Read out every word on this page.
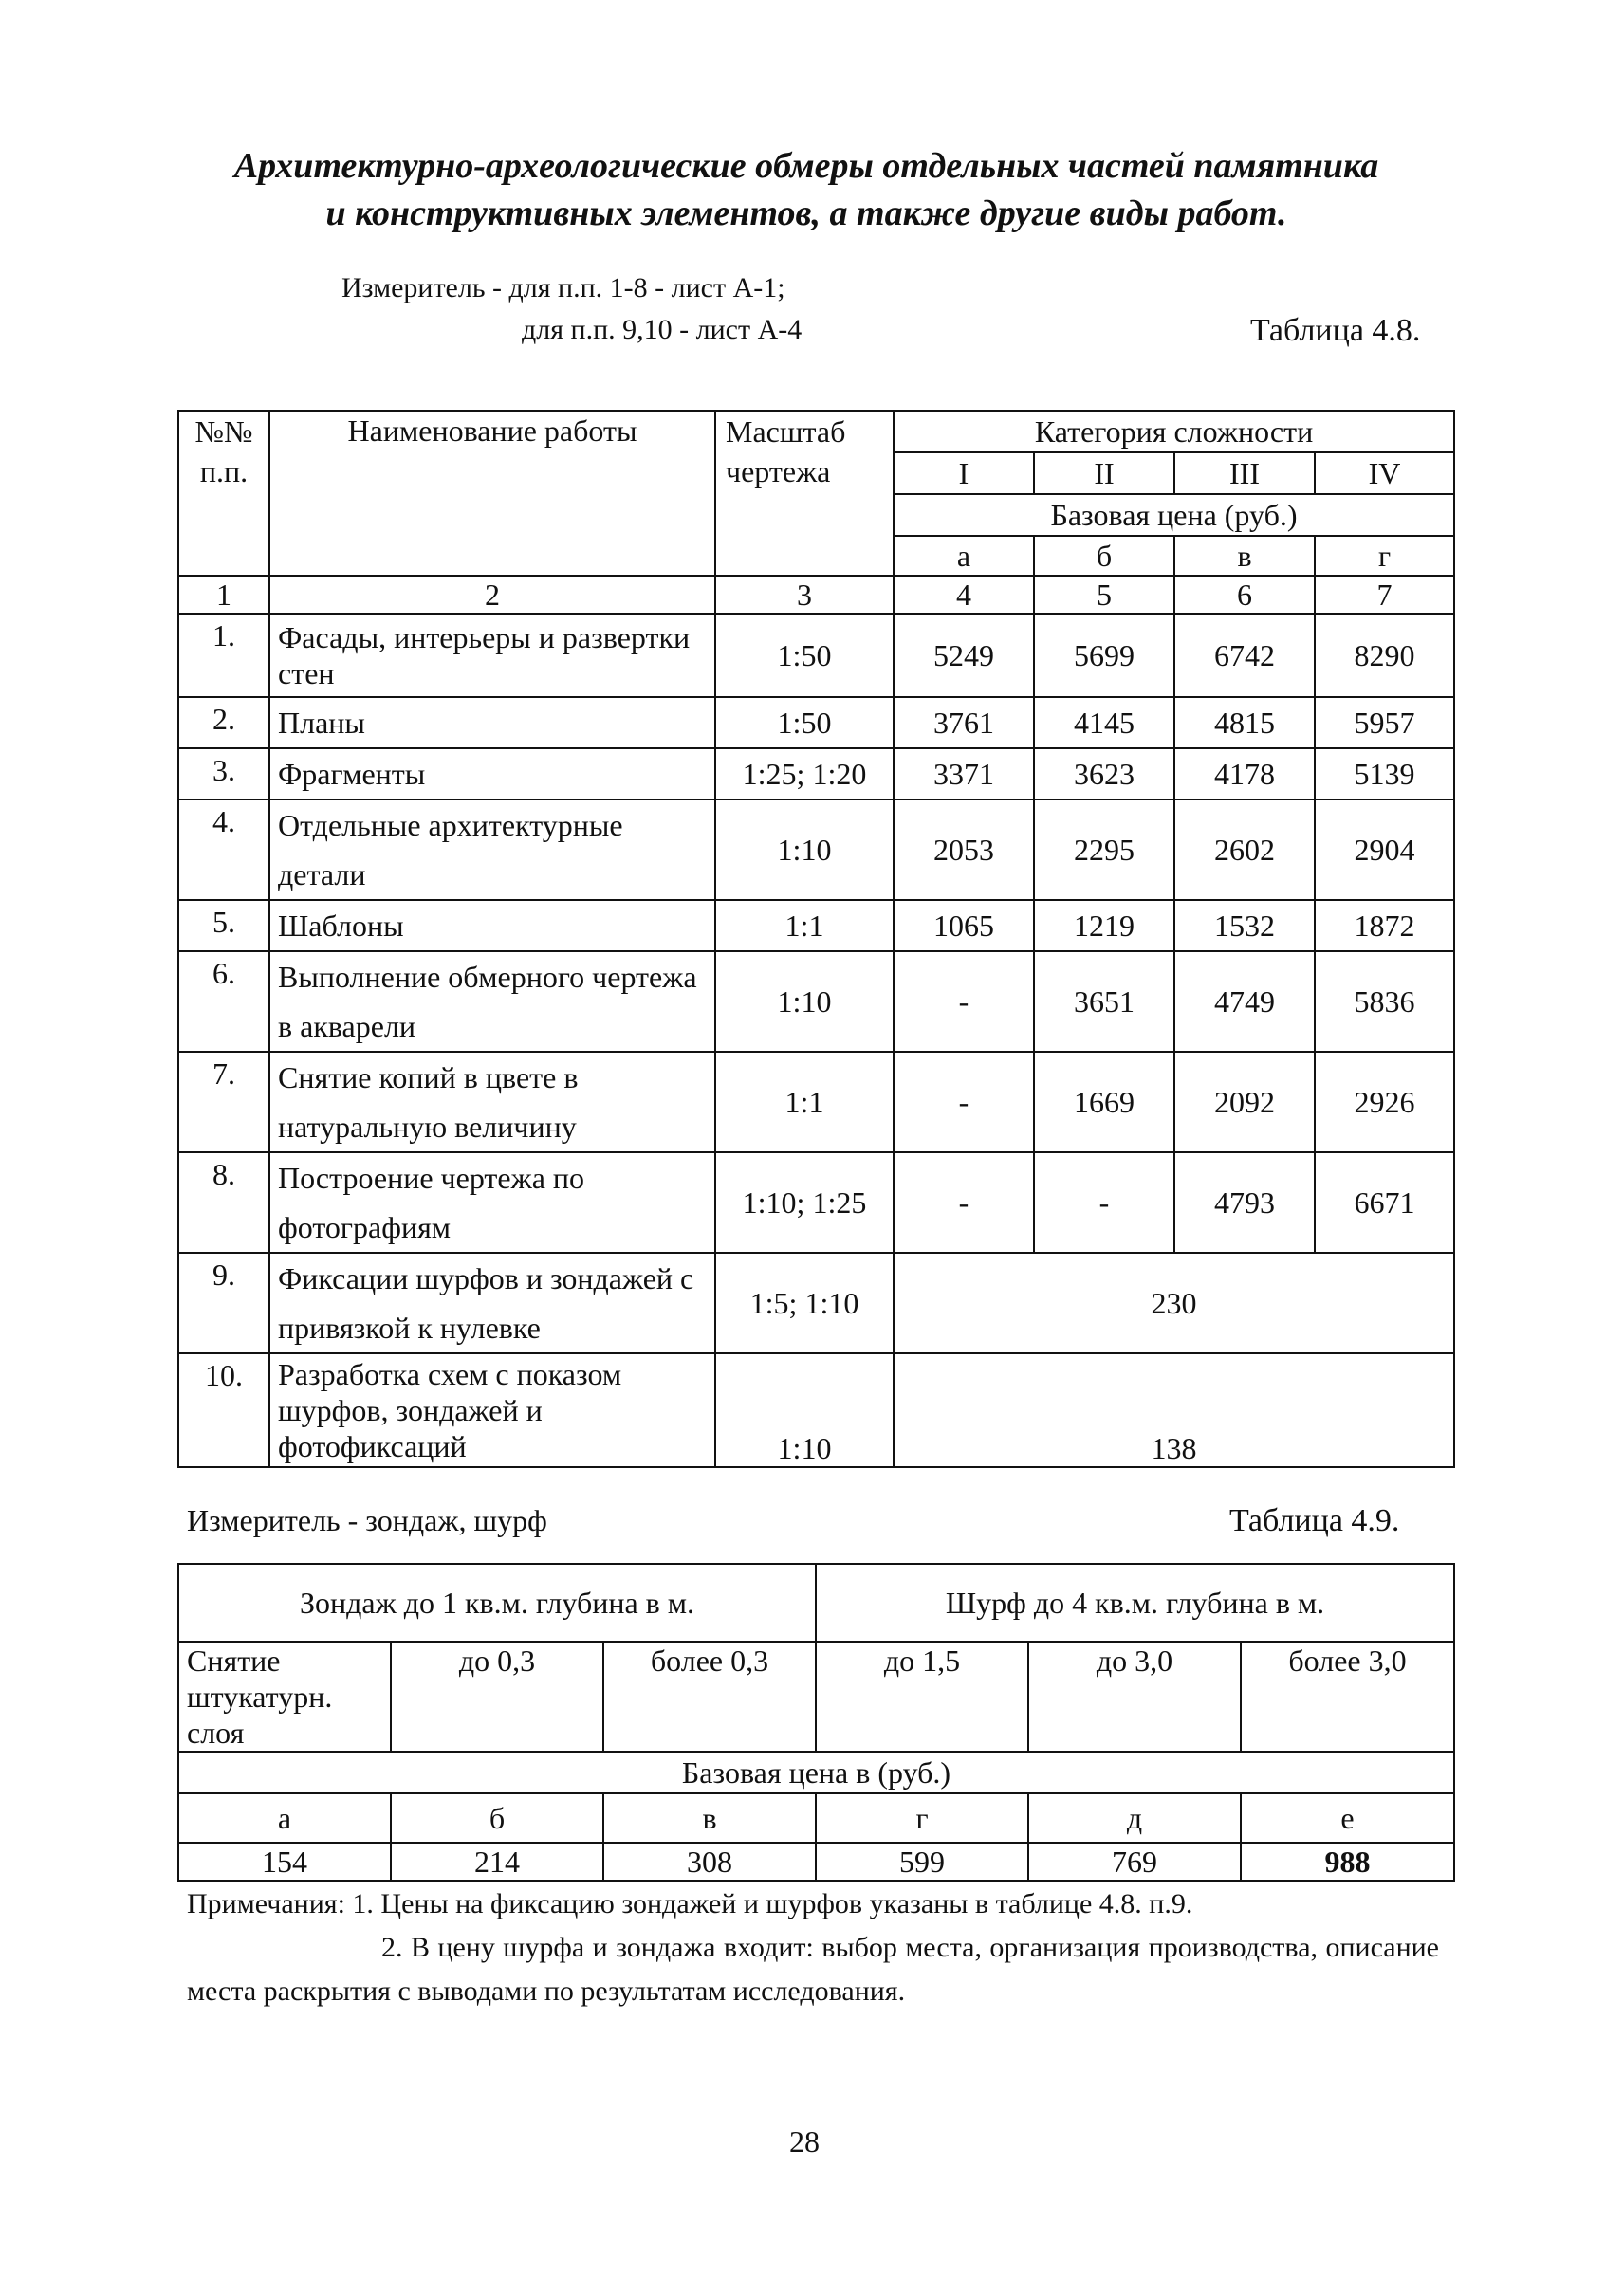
Архитектурно-археологические обмеры отдельных частей памятника
и конструктивных элементов, а также другие виды работ.
Измеритель - для п.п. 1-8 - лист А-1;
для п.п. 9,10 - лист А-4	Таблица 4.8.
№№ п.п.	Наименование работы	Масштаб чертежа	Категория сложности			
			I	II	III	IV
			Базовая цена (руб.)			
			а	б	в	г
1	2	3	4	5	6	7
1.	Фасады, интерьеры и развертки стен	1:50	5249	5699	6742	8290
2.	Планы	1:50	3761	4145	4815	5957
3.	Фрагменты	1:25; 1:20	3371	3623	4178	5139
4.	Отдельные архитектурные детали	1:10	2053	2295	2602	2904
5.	Шаблоны	1:1	1065	1219	1532	1872
6.	Выполнение обмерного чертежа в акварели	1:10	-	3651	4749	5836
7.	Снятие копий в цвете в натуральную величину	1:1	-	1669	2092	2926
8.	Построение чертежа по фотографиям	1:10; 1:25	-	-	4793	6671
9.	Фиксации шурфов и зондажей с привязкой к нулевке	1:5; 1:10	230			
10.	Разработка схем с показом шурфов, зондажей и фотофиксаций	1:10	138			
Измеритель - зондаж, шурф	Таблица 4.9.
Зондаж до 1 кв.м. глубина в м.			Шурф до 4 кв.м. глубина в м.		
Снятие штукатурн. слоя	до 0,3	более 0,3	до 1,5	до 3,0	более 3,0
Базовая цена в (руб.)					
а	б	в	г	д	е
154	214	308	599	769	988
Примечания: 1. Цены на фиксацию зондажей и шурфов указаны в таблице 4.8. п.9.
2. В цену шурфа и зондажа входит: выбор места, организация производства, описание места раскрытия с выводами по результатам исследования.
28
